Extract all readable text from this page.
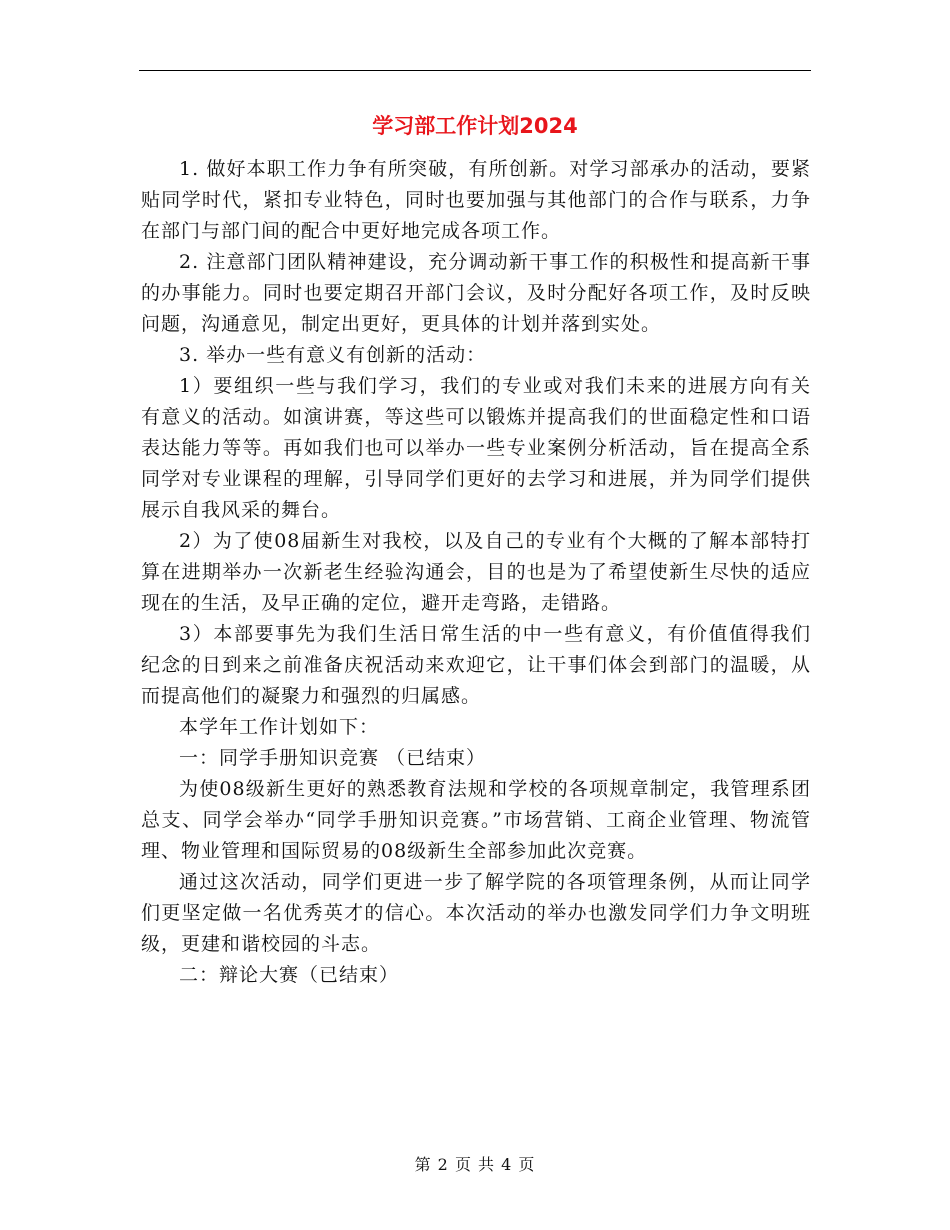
学习部工作计划2024

1. 做好本职工作力争有所突破，有所创新。对学习部承办的活动，要紧贴同学时代，紧扣专业特色，同时也要加强与其他部门的合作与联系，力争在部门与部门间的配合中更好地完成各项工作。

2. 注意部门团队精神建设，充分调动新干事工作的积极性和提高新干事的办事能力。同时也要定期召开部门会议，及时分配好各项工作，及时反映问题，沟通意见，制定出更好，更具体的计划并落到实处。

3. 举办一些有意义有创新的活动：

1）要组织一些与我们学习，我们的专业或对我们未来的进展方向有关有意义的活动。如演讲赛，等这些可以锻炼并提高我们的世面稳定性和口语表达能力等等。再如我们也可以举办一些专业案例分析活动，旨在提高全系同学对专业课程的理解，引导同学们更好的去学习和进展，并为同学们提供展示自我风采的舞台。

2）为了使08届新生对我校，以及自己的专业有个大概的了解本部特打算在进期举办一次新老生经验沟通会，目的也是为了希望使新生尽快的适应现在的生活，及早正确的定位，避开走弯路，走错路。

3）本部要事先为我们生活日常生活的中一些有意义，有价值值得我们纪念的日到来之前准备庆祝活动来欢迎它，让干事们体会到部门的温暖，从而提高他们的凝聚力和强烈的归属感。

本学年工作计划如下：

一：同学手册知识竞赛 （已结束）

为使08级新生更好的熟悉教育法规和学校的各项规章制定，我管理系团总支、同学会举办“同学手册知识竞赛。”市场营销、工商企业管理、物流管理、物业管理和国际贸易的08级新生全部参加此次竞赛。

通过这次活动，同学们更进一步了解学院的各项管理条例，从而让同学们更坚定做一名优秀英才的信心。本次活动的举办也激发同学们力争文明班级，更建和谐校园的斗志。

二：辩论大赛（已结束）

第 2 页 共 4 页
